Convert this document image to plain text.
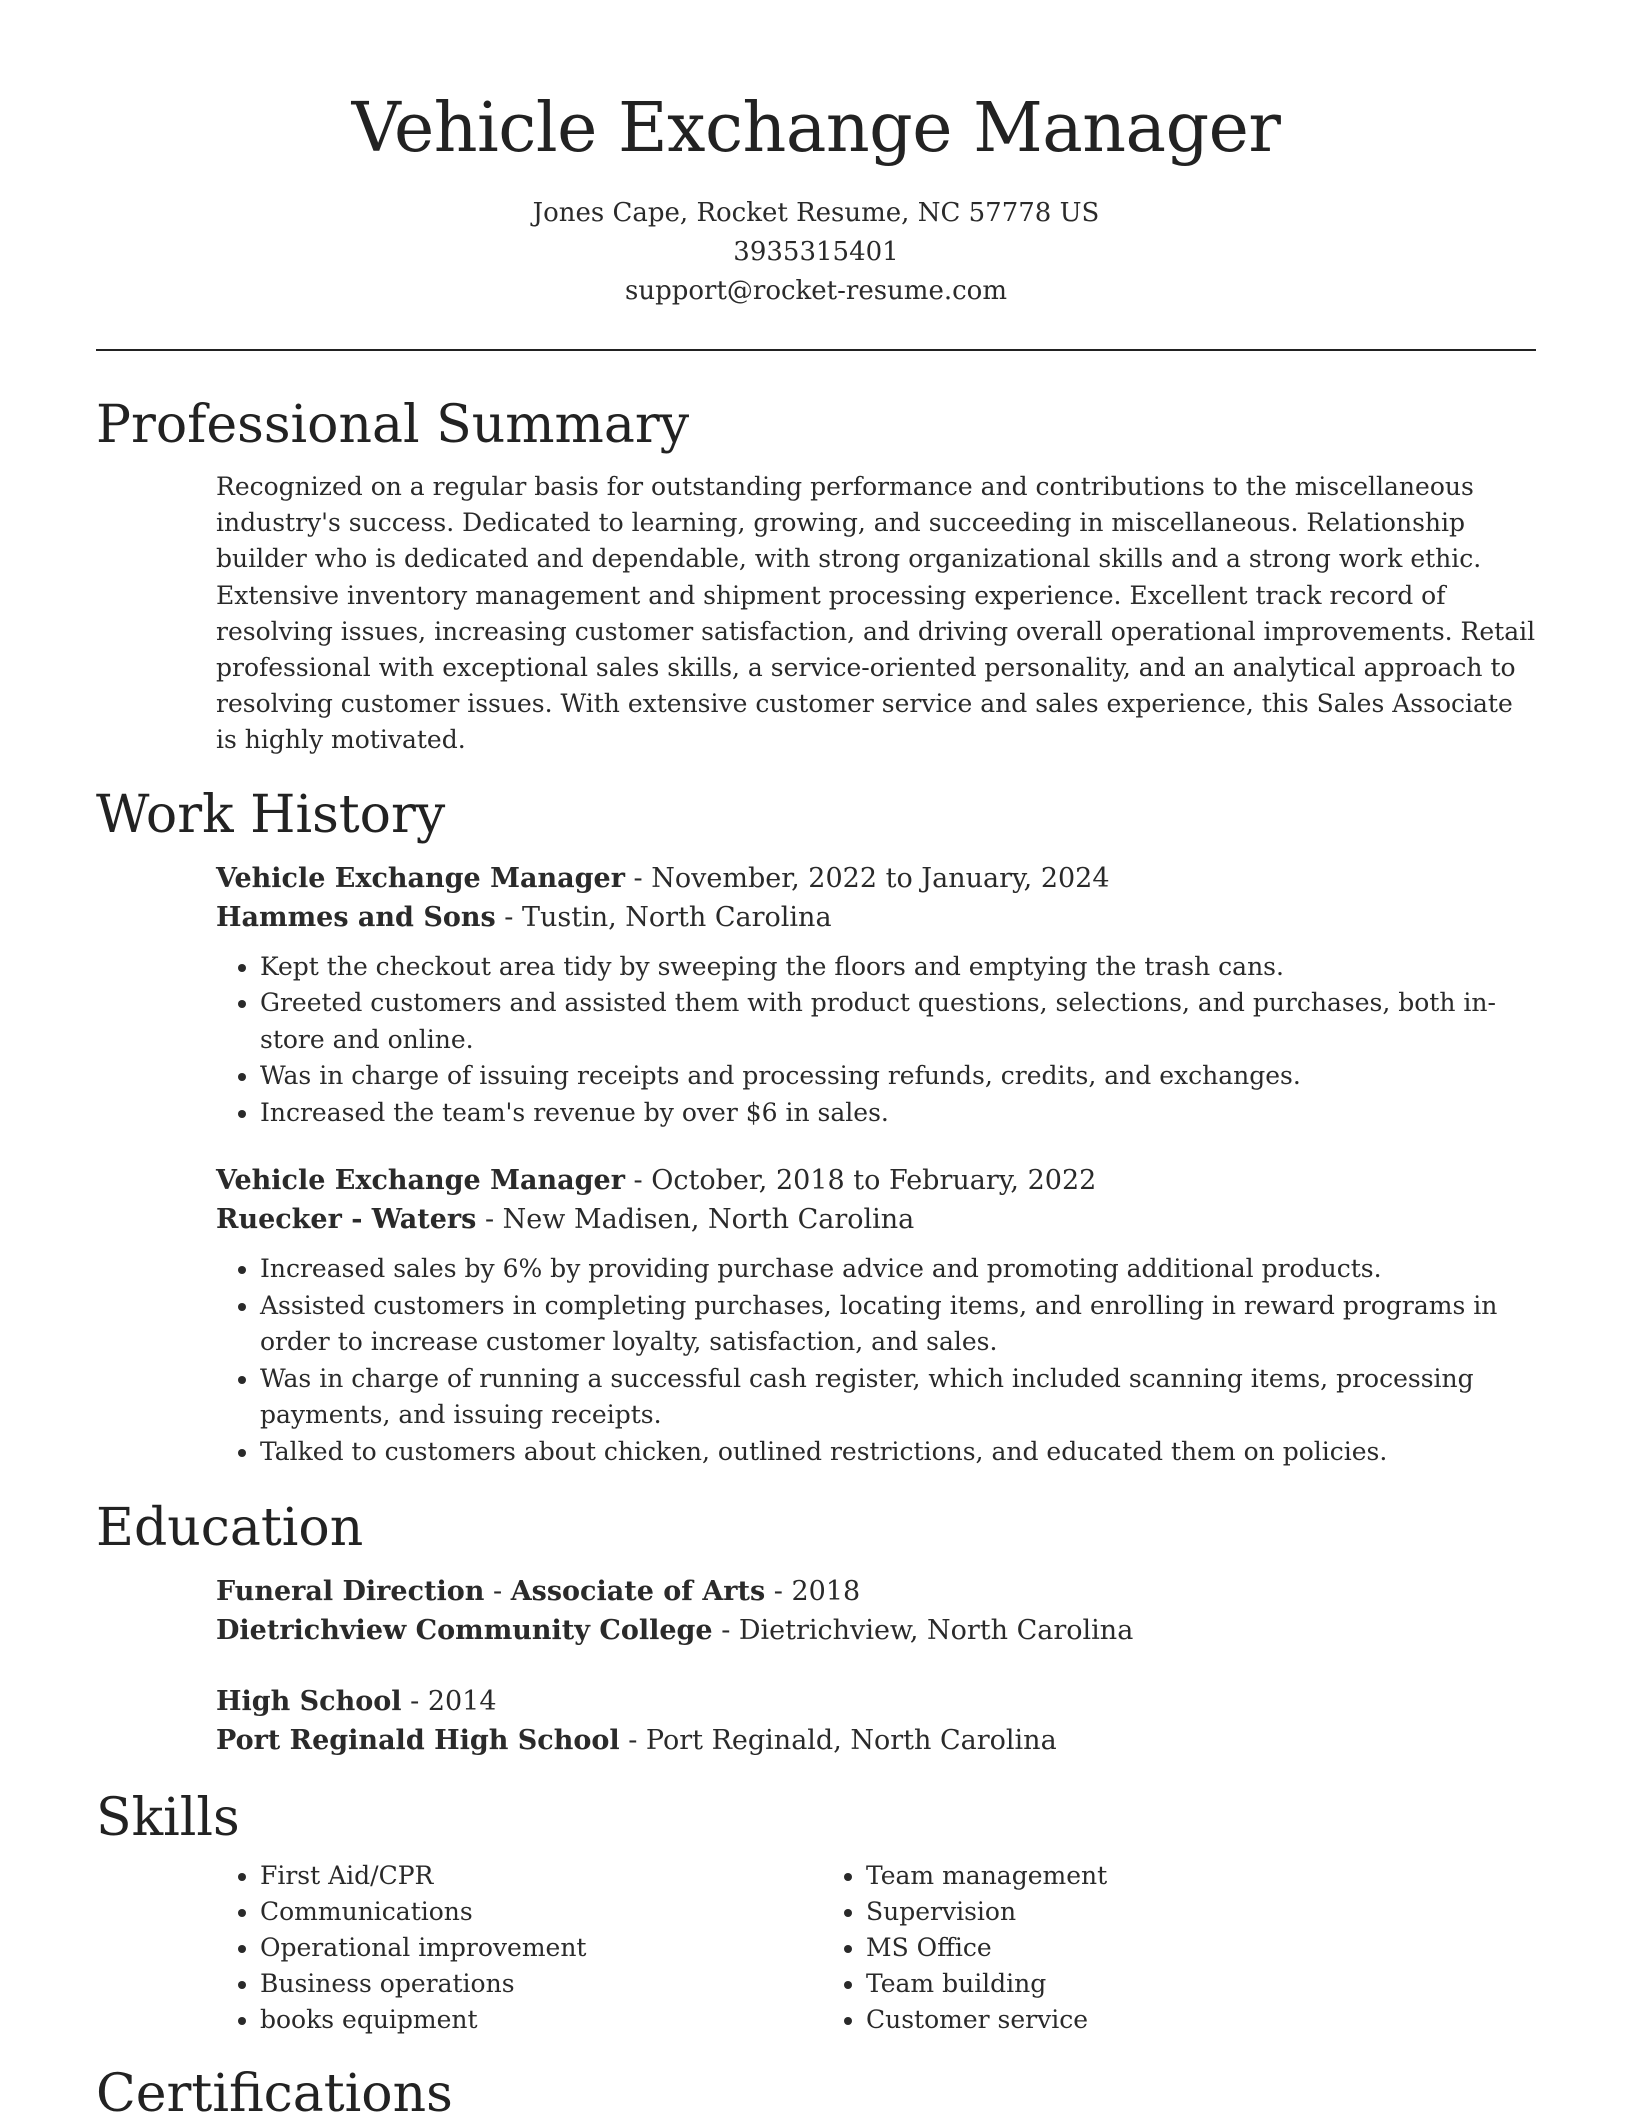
Vehicle Exchange Manager
Jones Cape, Rocket Resume, NC 57778 US
3935315401
support@rocket-resume.com
Professional Summary

Recognized on a regular basis for outstanding performance and contributions to the miscellaneous industry's success. Dedicated to learning, growing, and succeeding in miscellaneous. Relationship builder who is dedicated and dependable, with strong organizational skills and a strong work ethic. Extensive inventory management and shipment processing experience. Excellent track record of resolving issues, increasing customer satisfaction, and driving overall operational improvements. Retail professional with exceptional sales skills, a service-oriented personality, and an analytical approach to resolving customer issues. With extensive customer service and sales experience, this Sales Associate is highly motivated.

Work History
Vehicle Exchange Manager - November, 2022 to January, 2024
Hammes and Sons - Tustin, North Carolina
• Kept the checkout area tidy by sweeping the floors and emptying the trash cans.
• Greeted customers and assisted them with product questions, selections, and purchases, both in-store and online.
• Was in charge of issuing receipts and processing refunds, credits, and exchanges.
• Increased the team's revenue by over $6 in sales.
Vehicle Exchange Manager - October, 2018 to February, 2022
Ruecker - Waters - New Madisen, North Carolina
• Increased sales by 6% by providing purchase advice and promoting additional products.
• Assisted customers in completing purchases, locating items, and enrolling in reward programs in order to increase customer loyalty, satisfaction, and sales.
• Was in charge of running a successful cash register, which included scanning items, processing payments, and issuing receipts.
• Talked to customers about chicken, outlined restrictions, and educated them on policies.
Education
Funeral Direction - Associate of Arts - 2018
Dietrichview Community College - Dietrichview, North Carolina
High School - 2014
Port Reginald High School - Port Reginald, North Carolina
Skills
• First Aid/CPR
• Communications
• Operational improvement
• Business operations
• books equipment
• Team management
• Supervision
• MS Office
• Team building
• Customer service
Certifications
